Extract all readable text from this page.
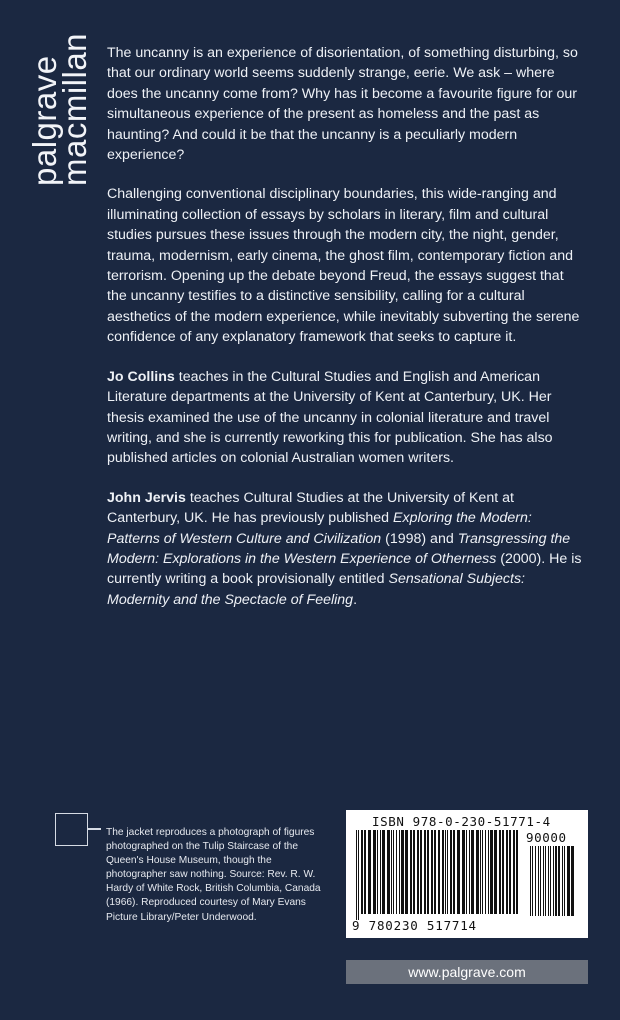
palgrave
macmillan The uncanny is an experience of disorientation, of something disturbing, so that our ordinary world seems suddenly strange, eerie. We ask – where does the uncanny come from? Why has it become a favourite figure for our simultaneous experience of the present as homeless and the past as haunting? And could it be that the uncanny is a peculiarly modern experience?

Challenging conventional disciplinary boundaries, this wide-ranging and illuminating collection of essays by scholars in literary, film and cultural studies pursues these issues through the modern city, the night, gender, trauma, modernism, early cinema, the ghost film, contemporary fiction and terrorism. Opening up the debate beyond Freud, the essays suggest that the uncanny testifies to a distinctive sensibility, calling for a cultural aesthetics of the modern experience, while inevitably subverting the serene confidence of any explanatory framework that seeks to capture it.

Jo Collins teaches in the Cultural Studies and English and American Literature departments at the University of Kent at Canterbury, UK. Her thesis examined the use of the uncanny in colonial literature and travel writing, and she is currently reworking this for publication. She has also published articles on colonial Australian women writers.

John Jervis teaches Cultural Studies at the University of Kent at Canterbury, UK. He has previously published Exploring the Modern: Patterns of Western Culture and Civilization (1998) and Transgressing the Modern: Explorations in the Western Experience of Otherness (2000). He is currently writing a book provisionally entitled Sensational Subjects: Modernity and the Spectacle of Feeling.

The jacket reproduces a photograph of figures photographed on the Tulip Staircase of the Queen's House Museum, though the photographer saw nothing. Source: Rev. R. W. Hardy of White Rock, British Columbia, Canada (1966). Reproduced courtesy of Mary Evans Picture Library/Peter Underwood.
ISBN 978-0-230-51771-4
90000
9 780230 517714
www.palgrave.com
